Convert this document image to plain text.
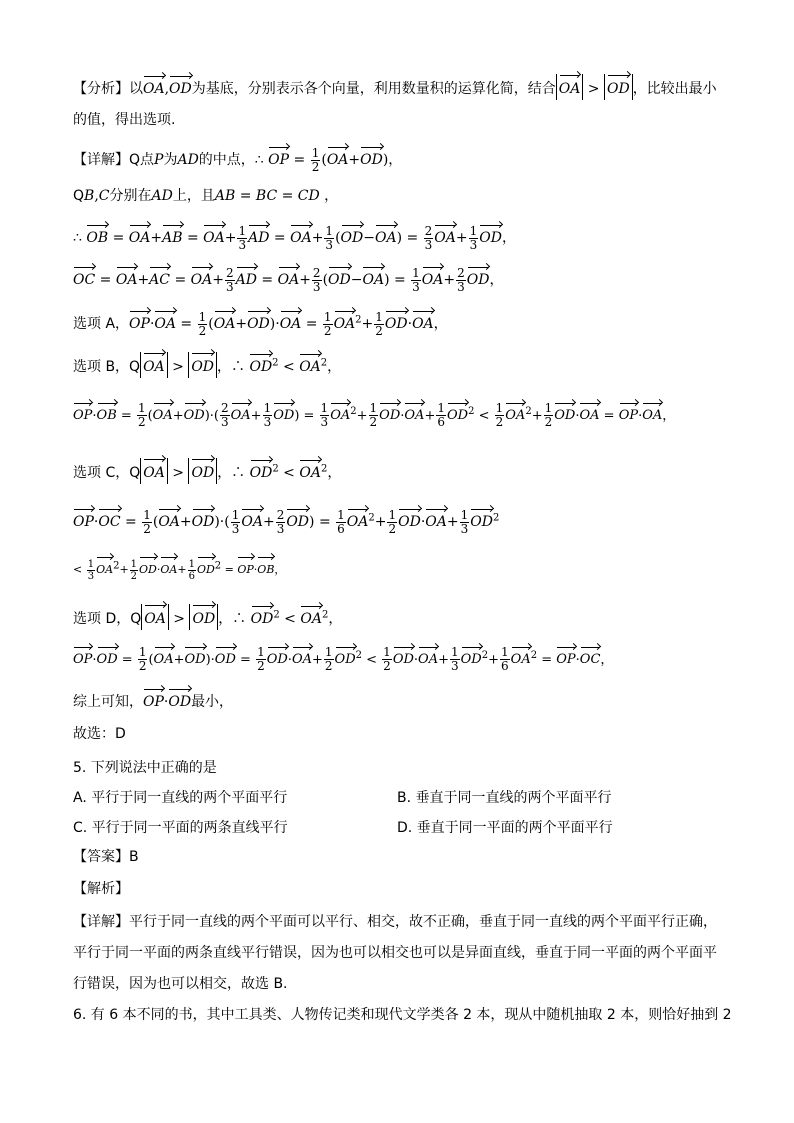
【分析】以OA,OD为基底，分别表示各个向量，利用数量积的运算化简，结合 OA > OD ，比较出最小
的值，得出选项.
【详解】Q点P为AD的中点，∴ OP = $\frac{1}{2} (OA+OD)$，
QB,C分别在AD上，且AB = BC = CD ，
∴ OB = $OA+AB = OA+ \frac{1}{3}$ AD = $OA+ \frac{1}{3} (OD-OA) = \frac{2}{3} OA+ \frac{1}{3}$ OD，
OC = $OA+AC = OA+ \frac{2}{3}$ AD = $OA+ \frac{2}{3} (OD-OA) = \frac{1}{3} OA+ \frac{2}{3}$ OD，
选项 A，$OP\cdot OA = \frac{1}{2} (OA+OD)\cdot OA = \frac{1}{2} OA^2+ \frac{1}{2} OD\cdot OA$，
选项 B，Q OA > OD ，∴ $OD^2 < OA^2$，
$OP\cdot OB = \frac{1}{2} (OA+OD)\cdot( \frac{2}{3} OA+ \frac{1}{3} OD) = \frac{1}{3} OA^2+ \frac{1}{2} OD\cdot OA+ \frac{1}{6} OD^2 < \frac{1}{2} OA^2+ \frac{1}{2} OD\cdot OA = OP\cdot OA$，
选项 C，Q OA > OD ，∴ $OD^2 < OA^2$，
$OP\cdot OC = \frac{1}{2} (OA+OD)\cdot( \frac{1}{3} OA+ \frac{2}{3} OD) = \frac{1}{6} OA^2+ \frac{1}{2} OD\cdot OA+ \frac{1}{3} OD^2$
< $\frac{1}{3} OA2+ \frac{1}{2} OD\cdot OA+ \frac{1}{6} OD2 = OP\cdot OB$，
选项 D，Q OA > OD ，∴ $OD^2 < OA^2$，
$OP\cdot OD = \frac{1}{2} (OA+OD)\cdot OD = \frac{1}{2} OD\cdot OA+ \frac{1}{2} OD^2 < \frac{1}{2} OD\cdot OA+ \frac{1}{3} OD^2+ \frac{1}{6} OA^2 = OP\cdot OC$，
综上可知，OP·OD最小，
故选：D
5. 下列说法中正确的是
A. 平行于同一直线的两个平面平行	B. 垂直于同一直线的两个平面平行
C. 平行于同一平面的两条直线平行	D. 垂直于同一平面的两个平面平行
【答案】B
【解析】
【详解】平行于同一直线的两个平面可以平行、相交，故不正确，垂直于同一直线的两个平面平行正确，
平行于同一平面的两条直线平行错误，因为也可以相交也可以是异面直线，垂直于同一平面的两个平面平
行错误，因为也可以相交，故选 B.
6. 有 6 本不同的书，其中工具类、人物传记类和现代文学类各 2 本，现从中随机抽取 2 本，则恰好抽到 2
